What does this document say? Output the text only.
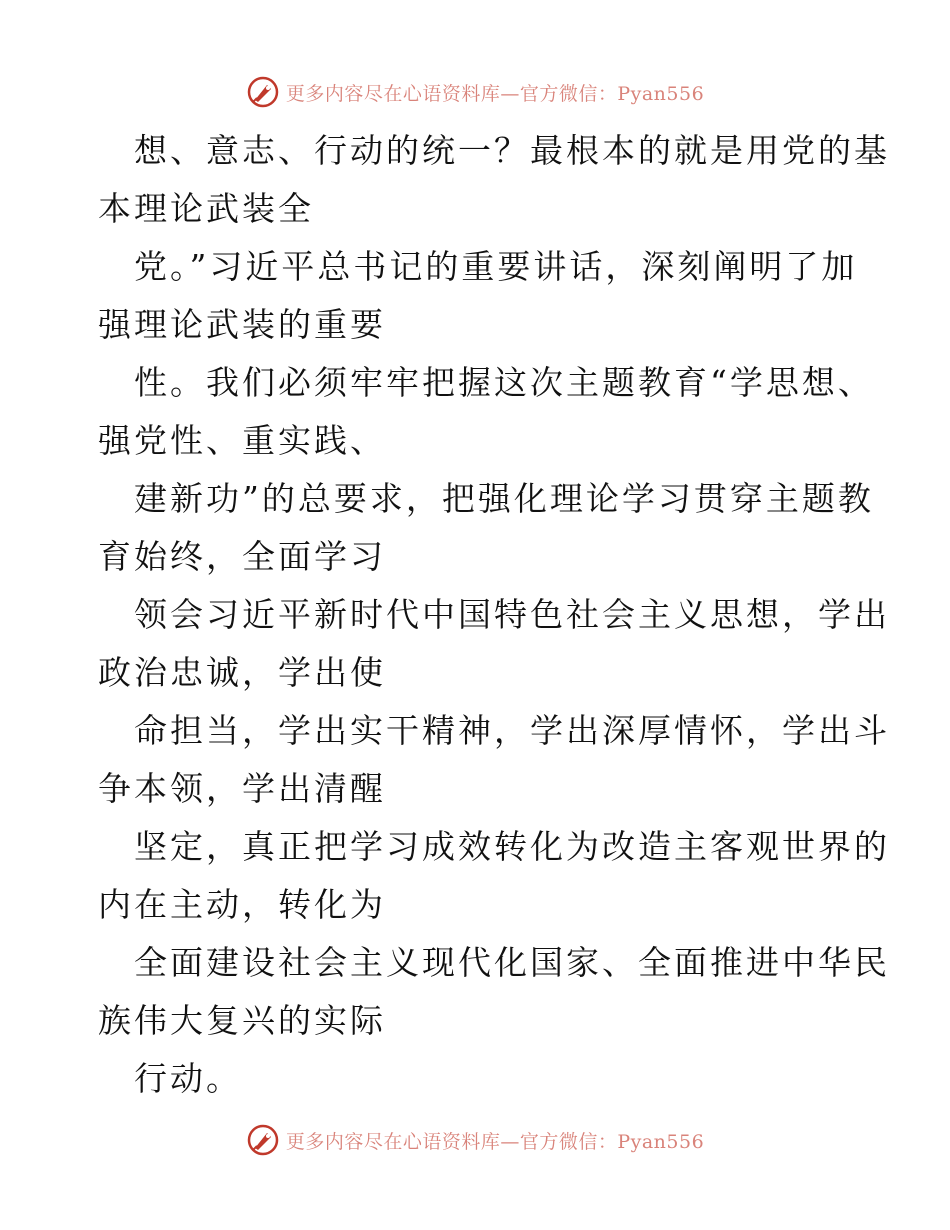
更多内容尽在心语资料库—官方微信：Pyan556

想、意志、行动的统一？最根本的就是用党的基

本理论武装全

党。”习近平总书记的重要讲话，深刻阐明了加

强理论武装的重要

性。我们必须牢牢把握这次主题教育“学思想、

强党性、重实践、

建新功”的总要求，把强化理论学习贯穿主题教

育始终，全面学习

领会习近平新时代中国特色社会主义思想，学出

政治忠诚，学出使

命担当，学出实干精神，学出深厚情怀，学出斗

争本领，学出清醒

坚定，真正把学习成效转化为改造主客观世界的

内在主动，转化为

全面建设社会主义现代化国家、全面推进中华民

族伟大复兴的实际

行动。

更多内容尽在心语资料库—官方微信：Pyan556
